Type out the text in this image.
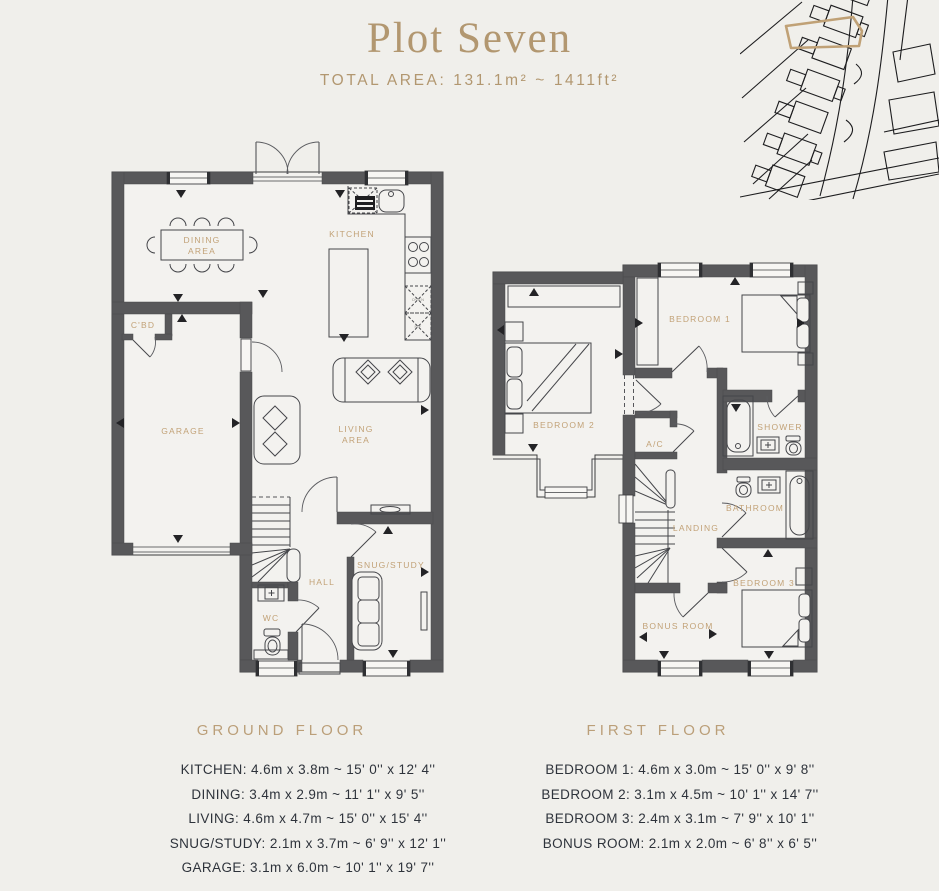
Plot Seven
TOTAL AREA: 131.1m² ~ 1411ft²
DINING
AREA
KITCHEN
C'BD
GARAGE	LIVING
AREA
HALL
WC
SNUG/STUDY
OVEN
F/F
BEDROOM 1
BEDROOM 2
A/C
SHOWER
BATHROOM
LANDING
BEDROOM 3
BONUS ROOM
GROUND FLOOR	FIRST FLOOR
KITCHEN: 4.6m x 3.8m ~ 15' 0'' x 12' 4''
DINING: 3.4m x 2.9m ~ 11' 1'' x 9' 5''
LIVING: 4.6m x 4.7m ~ 15' 0'' x 15' 4''
SNUG/STUDY: 2.1m x 3.7m ~ 6' 9'' x 12' 1''
GARAGE: 3.1m x 6.0m ~ 10' 1'' x 19' 7''
BEDROOM 1: 4.6m x 3.0m ~ 15' 0'' x 9' 8''
BEDROOM 2: 3.1m x 4.5m ~ 10' 1'' x 14' 7''
BEDROOM 3: 2.4m x 3.1m ~ 7' 9'' x 10' 1''
BONUS ROOM: 2.1m x 2.0m ~ 6' 8'' x 6' 5''
